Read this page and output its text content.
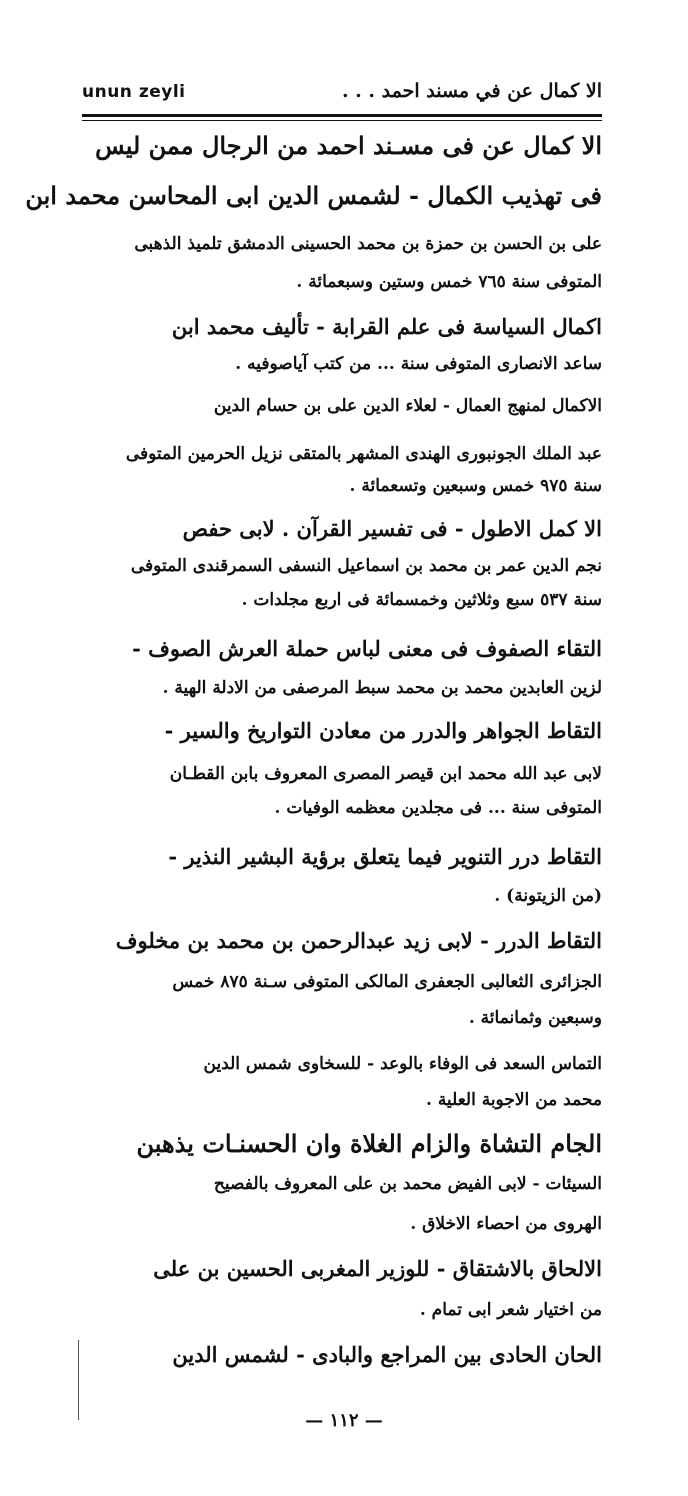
unun zeyli	الا كمال عن في مسند احمد . . .
الا كمال عن فى مسـند احمد من الرجال ممن ليس
فى تهذيب الكمال - لشمس الدين ابى المحاسن محمد ابن
على بن الحسن بن حمزة بن محمد الحسينى الدمشق تلميذ الذهبى
المتوفى سنة ٧٦٥ خمس وستين وسبعمائة .
اكمال السياسة فى علم القرابة - تأليف محمد ابن
ساعد الانصارى المتوفى سنة ... من كتب آياصوفيه .
الاكمال لمنهج العمال - لعلاء الدين على بن حسام الدين
عبد الملك الجونبورى الهندى المشهر بالمتقى نزيل الحرمين المتوفى
سنة ٩٧٥ خمس وسبعين وتسعمائة .
الا كمل الاطول - فى تفسير القرآن . لابى حفص
نجم الدين عمر بن محمد بن اسماعيل النسفى السمرقندى المتوفى
سنة ٥٣٧ سبع وثلاثين وخمسمائة فى اربع مجلدات .
التقاء الصفوف فى معنى لباس حملة العرش الصوف -
لزين العابدين محمد بن محمد سبط المرصفى من الادلة الهية .
التقاط الجواهر والدرر من معادن التواريخ والسير -
لابى عبد الله محمد ابن قيصر المصرى المعروف بابن القطـان
المتوفى سنة ... فى مجلدين معظمه الوفيات .
التقاط درر التنوير فيما يتعلق برؤية البشير النذير -
(من الزيتونة) .
التقاط الدرر - لابى زيد عبدالرحمن بن محمد بن مخلوف
الجزائرى الثعالبى الجعفرى المالكى المتوفى سـنة ٨٧٥ خمس
وسبعين وثمانمائة .
التماس السعد فى الوفاء بالوعد - للسخاوى شمس الدين
محمد من الاجوبة العلية .
الجام التشاة والزام الغلاة وان الحسنـات يذهبن
السيئات - لابى الفيض محمد بن على المعروف بالفصيح
الهروى من احصاء الاخلاق .
الالحاق بالاشتقاق - للوزير المغربى الحسين بن على
من اختيار شعر ابى تمام .
الحان الحادى بين المراجع والبادى - لشمس الدين
— ١١٢ —
